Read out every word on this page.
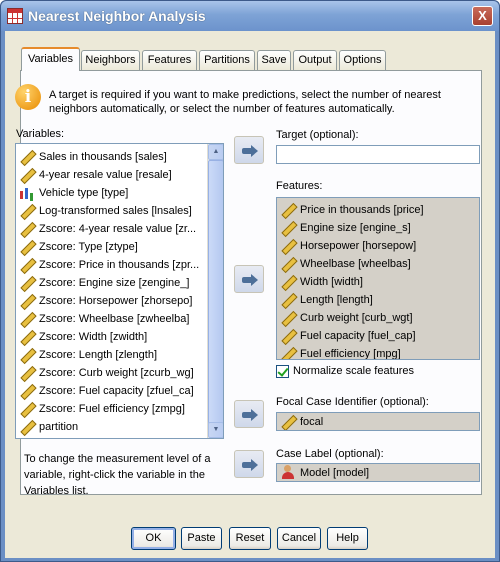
Nearest Neighbor Analysis	X
Variables	Neighbors	Features	Partitions	Save	Output	Options
i	A target is required if you want to make predictions, select the number of nearest neighbors automatically, or select the number of features automatically.
Variables:
▲
▼
Sales in thousands [sales]
4-year resale value [resale]
Vehicle type [type]
Log-transformed sales [lnsales]
Zscore: 4-year resale value [zr...
Zscore: Type [ztype]
Zscore: Price in thousands [zpr...
Zscore: Engine size [zengine_]
Zscore: Horsepower [zhorsepo]
Zscore: Wheelbase [zwheelba]
Zscore: Width [zwidth]
Zscore: Length [zlength]
Zscore: Curb weight [zcurb_wg]
Zscore: Fuel capacity [zfuel_ca]
Zscore: Fuel efficiency [zmpg]
partition
Target (optional):
Features:
Price in thousands [price]
Engine size [engine_s]
Horsepower [horsepow]
Wheelbase [wheelbas]
Width [width]
Length [length]
Curb weight [curb_wgt]
Fuel capacity [fuel_cap]
Fuel efficiency [mpg]
Normalize scale features
Focal Case Identifier (optional):
focal
Case Label (optional):
Model [model]
To change the measurement level of a variable, right-click the variable in the Variables list.
OK	Paste	Reset	Cancel	Help
